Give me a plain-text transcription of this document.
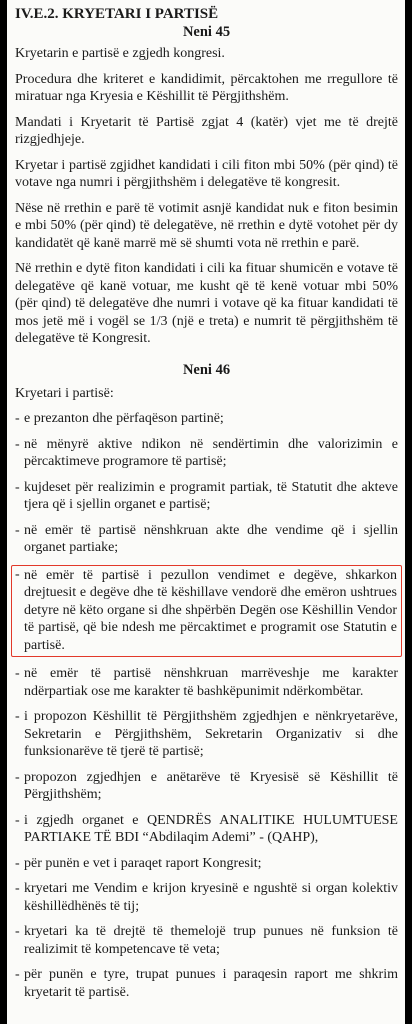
IV.E.2. KRYETARI I PARTISË
Neni 45

Kryetarin e partisë e zgjedh kongresi.

Procedura dhe kriteret e kandidimit, përcaktohen me rregullore të miratuar nga Kryesia e Këshillit të Përgjithshëm.

Mandati i Kryetarit të Partisë zgjat 4 (katër) vjet me të drejtë rizgjedhjeje.

Kryetar i partisë zgjidhet kandidati i cili fiton mbi 50% (për qind) të votave nga numri i përgjithshëm i delegatëve të kongresit.

Nëse në rrethin e parë të votimit asnjë kandidat nuk e fiton besimin e mbi 50% (për qind) të delegatëve, në rrethin e dytë votohet për dy kandidatët që kanë marrë më së shumti vota në rrethin e parë.

Në rrethin e dytë fiton kandidati i cili ka fituar shumicën e votave të delegatëve që kanë votuar, me kusht që të kenë votuar mbi 50% (për qind) të delegatëve dhe numri i votave që ka fituar kandidati të mos jetë më i vogël se 1/3 (një e treta) e numrit të përgjithshëm të delegatëve të Kongresit.

Neni 46

Kryetari i partisë:

- e prezanton dhe përfaqëson partinë;
- në mënyrë aktive ndikon në sendërtimin dhe valorizimin e përcaktimeve programore të partisë;
- kujdeset për realizimin e programit partiak, të Statutit dhe akteve tjera që i sjellin organet e partisë;
- në emër të partisë nënshkruan akte dhe vendime që i sjellin organet partiake;
- në emër të partisë i pezullon vendimet e degëve, shkarkon drejtuesit e degëve dhe të këshillave vendorë dhe emëron ushtrues detyre në këto organe si dhe shpërbën Degën ose Këshillin Vendor të partisë, që bie ndesh me përcaktimet e programit ose Statutin e partisë.
- në emër të partisë nënshkruan marrëveshje me karakter ndërpartiak ose me karakter të bashkëpunimit ndërkombëtar.
- i propozon Këshillit të Përgjithshëm zgjedhjen e nënkryetarëve, Sekretarin e Përgjithshëm, Sekretarin Organizativ si dhe funksionarëve të tjerë të partisë;
- propozon zgjedhjen e anëtarëve të Kryesisë së Këshillit të Përgjithshëm;
- i zgjedh organet e QENDRËS ANALITIKE HULUMTUESE PARTIAKE TË BDI “Abdilaqim Ademi” - (QAHP),
- për punën e vet i paraqet raport Kongresit;
- kryetari me Vendim e krijon kryesinë e ngushtë si organ kolektiv këshillëdhënës të tij;
- kryetari ka të drejtë të themelojë trup punues në funksion të realizimit të kompetencave të veta;
- për punën e tyre, trupat punues i paraqesin raport me shkrim kryetarit të partisë.
